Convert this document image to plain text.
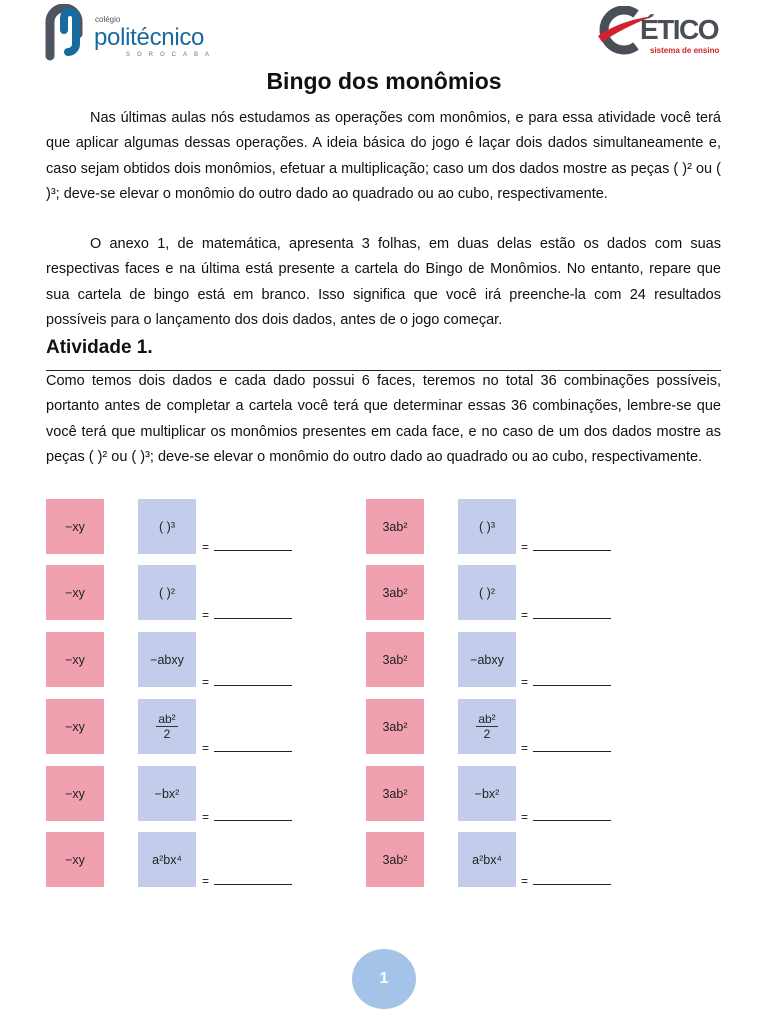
colégio
politécnico
SOROCABA
ÉTICO
sistema de ensino
Bingo dos monômios
Nas últimas aulas nós estudamos as operações com monômios, e para essa atividade você terá que aplicar algumas dessas operações. A ideia básica do jogo é laçar dois dados simultaneamente e, caso sejam obtidos dois monômios, efetuar a multiplicação; caso um dos dados mostre as peças ( )² ou ( )³; deve-se elevar o monômio do outro dado ao quadrado ou ao cubo, respectivamente.
O anexo 1, de matemática, apresenta 3 folhas, em duas delas estão os dados com suas respectivas faces e na última está presente a cartela do Bingo de Monômios. No entanto, repare que sua cartela de bingo está em branco. Isso significa que você irá preenche-la com 24 resultados possíveis para o lançamento dos dois dados, antes de o jogo começar.
Atividade 1.
Como temos dois dados e cada dado possui 6 faces, teremos no total 36 combinações possíveis, portanto antes de completar a cartela você terá que determinar essas 36 combinações, lembre-se que você terá que multiplicar os monômios presentes em cada face, e no caso de um dos dados mostre as peças ( )² ou ( )³; deve-se elevar o monômio do outro dado ao quadrado ou ao cubo, respectivamente.
−xy	( )³
=
−xy	( )²
=
−xy	−abxy
=
−xy	$\frac{\text{ab²}}{2}$
=
−xy	−bx²
=
−xy	a²bx⁴
=
3ab²	( )³
=
3ab²	( )²
=
3ab²	−abxy
=
3ab²	$\frac{\text{ab²}}{2}$
=
3ab²	−bx²
=
3ab²	a²bx⁴
=
1
